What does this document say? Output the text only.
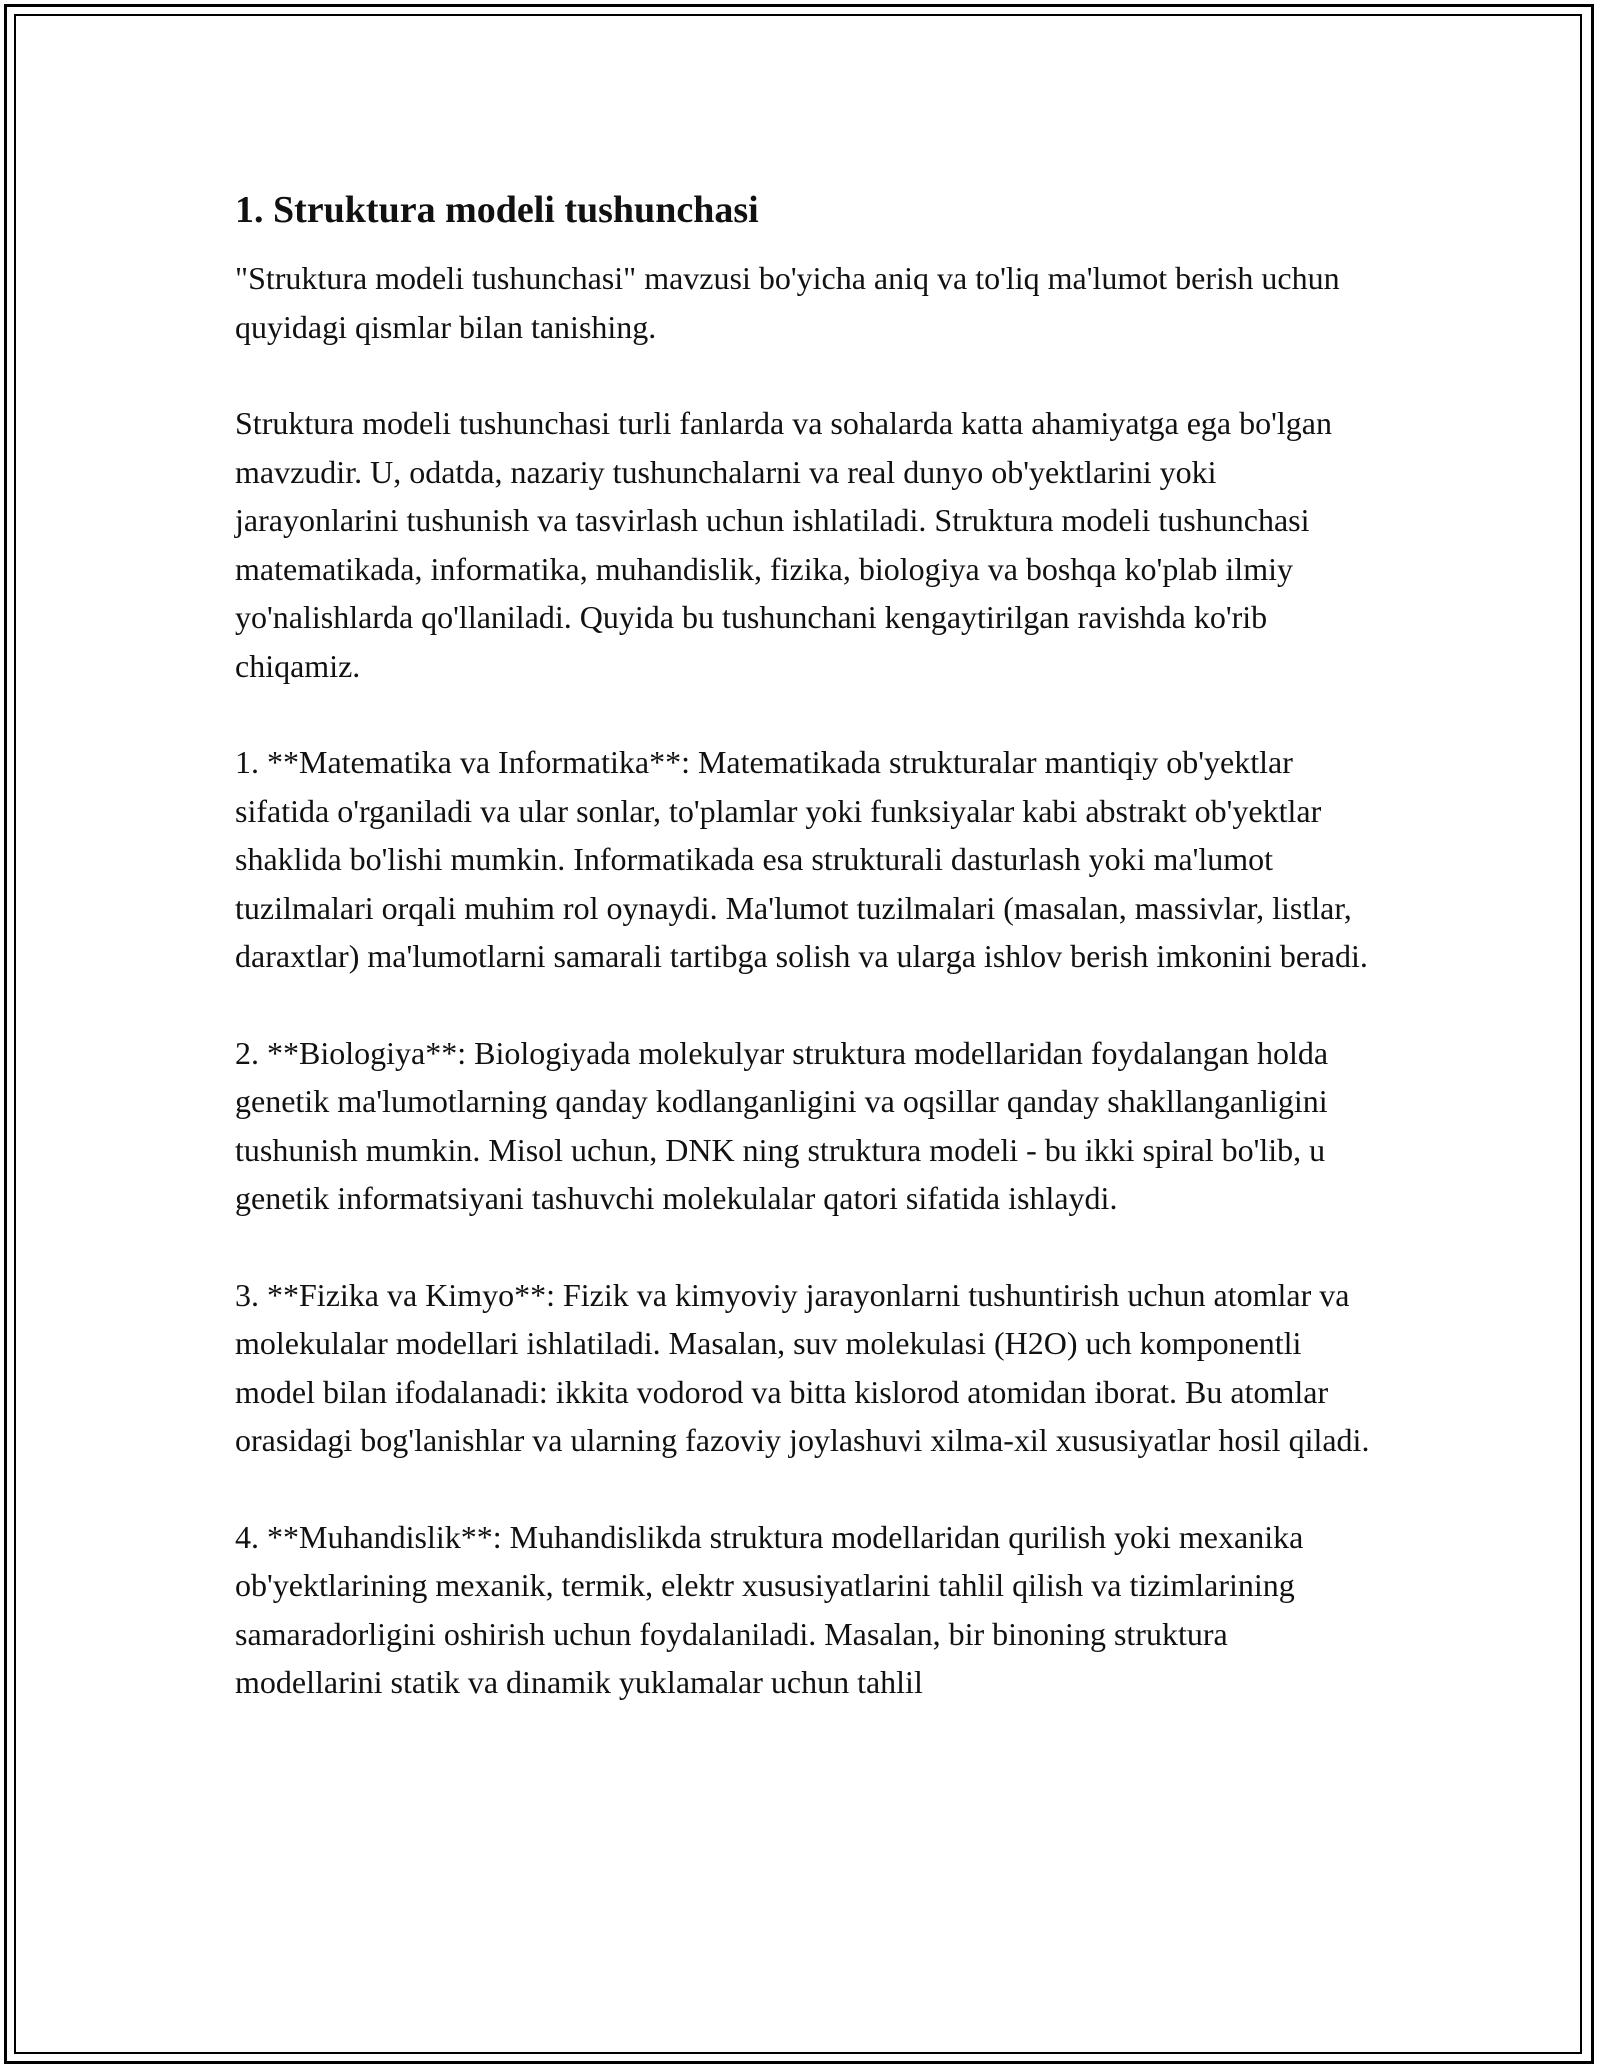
1. Struktura modeli tushunchasi

"Struktura modeli tushunchasi" mavzusi bo'yicha aniq va to'liq ma'lumot berish uchun quyidagi qismlar bilan tanishing.

Struktura modeli tushunchasi turli fanlarda va sohalarda katta ahamiyatga ega bo'lgan mavzudir. U, odatda, nazariy tushunchalarni va real dunyo ob'yektlarini yoki jarayonlarini tushunish va tasvirlash uchun ishlatiladi. Struktura modeli tushunchasi matematikada, informatika, muhandislik, fizika, biologiya va boshqa ko'plab ilmiy yo'nalishlarda qo'llaniladi. Quyida bu tushunchani kengaytirilgan ravishda ko'rib chiqamiz.

1. **Matematika va Informatika**: Matematikada strukturalar mantiqiy ob'yektlar sifatida o'rganiladi va ular sonlar, to'plamlar yoki funksiyalar kabi abstrakt ob'yektlar shaklida bo'lishi mumkin. Informatikada esa strukturali dasturlash yoki ma'lumot tuzilmalari orqali muhim rol oynaydi. Ma'lumot tuzilmalari (masalan, massivlar, listlar, daraxtlar) ma'lumotlarni samarali tartibga solish va ularga ishlov berish imkonini beradi.

2. **Biologiya**: Biologiyada molekulyar struktura modellaridan foydalangan holda genetik ma'lumotlarning qanday kodlanganligini va oqsillar qanday shakllanganligini tushunish mumkin. Misol uchun, DNK ning struktura modeli - bu ikki spiral bo'lib, u genetik informatsiyani tashuvchi molekulalar qatori sifatida ishlaydi.

3. **Fizika va Kimyo**: Fizik va kimyoviy jarayonlarni tushuntirish uchun atomlar va molekulalar modellari ishlatiladi. Masalan, suv molekulasi (H2O) uch komponentli model bilan ifodalanadi: ikkita vodorod va bitta kislorod atomidan iborat. Bu atomlar orasidagi bog'lanishlar va ularning fazoviy joylashuvi xilma-xil xususiyatlar hosil qiladi.

4. **Muhandislik**: Muhandislikda struktura modellaridan qurilish yoki mexanika ob'yektlarining mexanik, termik, elektr xususiyatlarini tahlil qilish va tizimlarining samaradorligini oshirish uchun foydalaniladi. Masalan, bir binoning struktura modellarini statik va dinamik yuklamalar uchun tahlil
